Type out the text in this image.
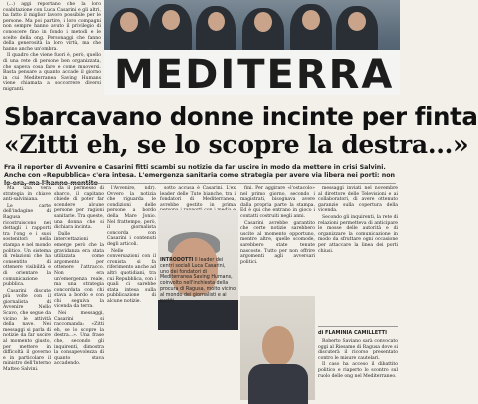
(...) aggi reportano che la loro coabitazione con Luca Casarini e gli altri, ha fatto il miglior lavoro possibile per le persone. Ma poi partire, i loro compagni non sempre hanno avuto il privilegio di conoscere fino in fondo i metodi e le scelte della ong. Personaggi che fanno della generosità la loro virtù, ma che hanno anche un'ombra.

Il quadro che viene fuori è, però, quello di una rete di persone ben organizzata, che sapeva cosa fare e come muoversi. Basta pensare a quanto accade il giorno in cui Mediterranea Saving Humans viene chiamata a soccorrere diversi migranti.	MEDITERRA
Sbarcavano donne incinte per finta
«Zitti eh, se lo scopre la destra...»
Fra il reporter di Avvenire e Casarini fitti scambi su notizie da far uscire in modo da mettere in crisi Salvini. Anche con «Repubblica» c'era intesa. L'emergenza sanitaria come strategia per avere via libera nei porti: non

Ma una vera strategia in chiave anti-salviniana.

Le carte dell'indagine di Ragusa ricostruiscono nei dettagli i rapporti tra l'ong e i suoi sostenitori nella stampa e nel mondo politico. Un sistema di relazioni che ha consentito di ottenere visibilità e di orientare la comunicazione pubblica.

Casarini discute più volte con il giornalista di Avvenire Nello Scavo, che segue da vicino le attività della nave. Nei messaggi si parla di notizie da far uscire al momento giusto, per mettere in difficoltà il governo e in particolare il ministro dell'Interno Matteo Salvini.

da il permesso di sbarco, il capitano chiede di poter far scendere alcune persone per ragioni sanitarie. Tra queste, una donna che si dichiara incinta.

Dalle intercettazioni emerge però che la gravidanza era stata utilizzata come argomento per ottenere l'attracco. Non era un'emergenza reale, ma una strategia concordata con chi stava a bordo e con chi seguiva la vicenda da terra.

Nei messaggi, Casarini si raccomanda: «Zitti eh, se lo scopre la destra...». Una frase che, secondo gli inquirenti, dimostra la consapevolezza di quanto stava accadendo.

l'Avvenire, ndr). Ovvero la notizia che riguarda le condizioni delle persone a bordo della Mare Jonio. Nel frattempo, però, il giornalista concorda con Casarini i contenuti degli articoli.

Nelle conversazioni con il cronista si fa riferimento anche ad altri quotidiani, tra cui Repubblica, con i quali ci sarebbe stata intesa sulla pubblicazione di alcune notizie.

sotto accusa è Casarini. L'ex leader delle Tute bianche, tra i fondatori di Mediterranea, avrebbe gestito in prima

INTRODOTTI Il leader dei centri sociali Luca Casarini, uno dei fondatori di Mediterranea Saving Humans, coinvolto nell'inchiesta della procura di Ragusa, molto vicino al mondo dei giornalisti e ai partiti

fini. Per aggirare «l'ostacolo» nel primo giorno, secondo i magistrati, bisognava avere dalla propria parte la stampa. Ed è qui che entrano in gioco i contatti costruiti negli anni.

Casarini avrebbe garantito che certe notizie sarebbero uscite al momento opportuno, mentre altre, quelle scomode, sarebbero state tenute nascoste. Tutto per non offrire argomenti agli avversari politici.

messaggi inviati nel novembre al direttore delle Televisioni e ai collaboratori, di avere ottenuto garanzie sulla copertura della vicenda.

Secondo gli inquirenti, la rete di relazioni permetteva di anticipare le mosse delle autorità e di organizzare la comunicazione in modo da sfruttare ogni occasione per attaccare la linea dei porti chiusi.

di FLAMINIA CAMILLETTI

Roberto Saviano sarà convocato oggi al Riesame di Ragusa dove si discuterà il ricorso presentato contro le misure cautelari.

Il caso ha acceso il dibattito politico e riaperto lo scontro sul ruolo delle ong nel Mediterraneo.
